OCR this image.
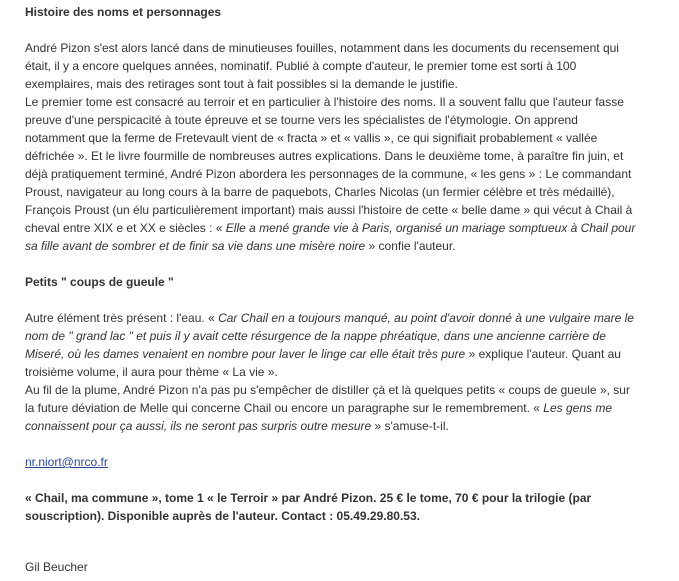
Histoire des noms et personnages
André Pizon s'est alors lancé dans de minutieuses fouilles, notamment dans les documents du recensement qui
était, il y a encore quelques années, nominatif. Publié à compte d'auteur, le premier tome est sorti à 100
exemplaires, mais des retirages sont tout à fait possibles si la demande le justifie.
Le premier tome est consacré au terroir et en particulier à l'histoire des noms. Il a souvent fallu que l'auteur fasse
preuve d'une perspicacité à toute épreuve et se tourne vers les spécialistes de l'étymologie. On apprend
notamment que la ferme de Fretevault vient de « fracta » et « vallis », ce qui signifiait probablement « vallée
défrichée ». Et le livre fourmille de nombreuses autres explications. Dans le deuxième tome, à paraître fin juin, et
déjà pratiquement terminé, André Pizon abordera les personnages de la commune, « les gens » : Le commandant
Proust, navigateur au long cours à la barre de paquebots, Charles Nicolas (un fermier célèbre et très médaillé),
François Proust (un élu particulièrement important) mais aussi l'histoire de cette « belle dame » qui vécut à Chail à
cheval entre XIX e et XX e siècles : « Elle a mené grande vie à Paris, organisé un mariage somptueux à Chail pour
sa fille avant de sombrer et de finir sa vie dans une misère noire » confie l'auteur.
Petits " coups de gueule "
Autre élément très présent : l'eau. « Car Chail en a toujours manqué, au point d'avoir donné à une vulgaire mare le
nom de " grand lac " et puis il y avait cette résurgence de la nappe phréatique, dans une ancienne carrière de
Miseré, où les dames venaient en nombre pour laver le linge car elle était très pure » explique l'auteur. Quant au
troisième volume, il aura pour thème « La vie ».
Au fil de la plume, André Pizon n'a pas pu s'empêcher de distiller çà et là quelques petits « coups de gueule », sur
la future déviation de Melle qui concerne Chail ou encore un paragraphe sur le remembrement. « Les gens me
connaissent pour ça aussi, ils ne seront pas surpris outre mesure » s'amuse-t-il.
nr.niort@nrco.fr
« Chail, ma commune », tome 1 « le Terroir » par André Pizon. 25 € le tome, 70 € pour la trilogie (par
souscription). Disponible auprès de l'auteur. Contact : 05.49.29.80.53.
Gil Beucher
